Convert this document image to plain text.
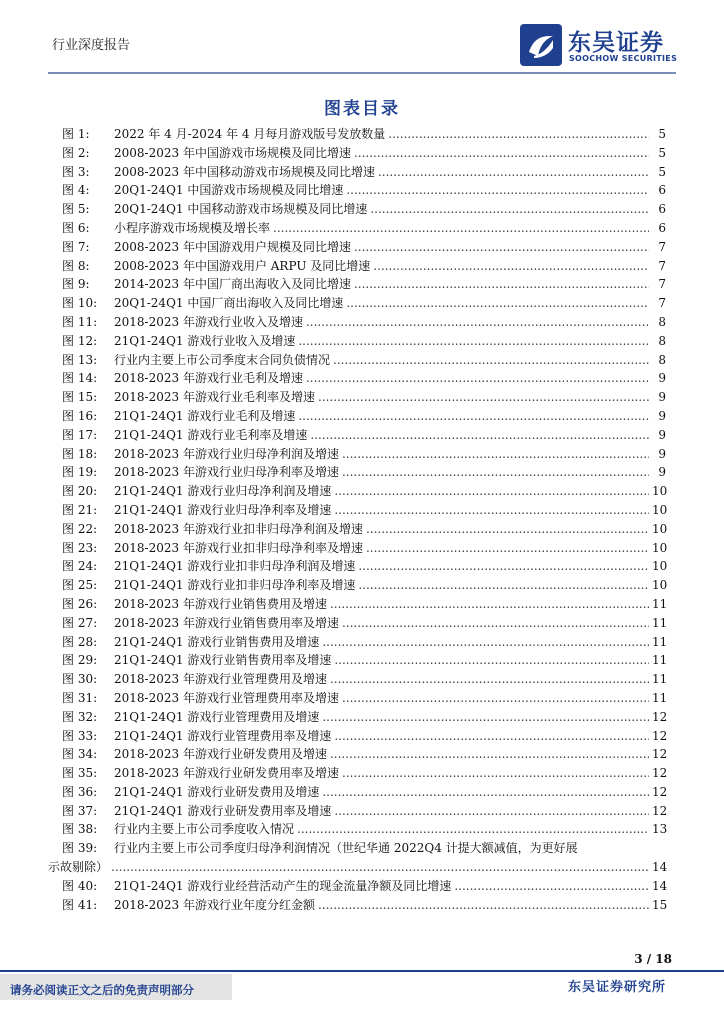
行业深度报告	东吴证券
SOOCHOW SECURITIES
图表目录
图 1:	2022 年 4 月-2024 年 4 月每月游戏版号发放数量 .....	5
图 2:	2008-2023 年中国游戏市场规模及同比增速 .....	5
图 3:	2008-2023 年中国移动游戏市场规模及同比增速 .....	5
图 4:	20Q1-24Q1 中国游戏市场规模及同比增速 .....	6
图 5:	20Q1-24Q1 中国移动游戏市场规模及同比增速 .....	6
图 6:	小程序游戏市场规模及增长率 .....	6
图 7:	2008-2023 年中国游戏用户规模及同比增速 .....	7
图 8:	2008-2023 年中国游戏用户 ARPU 及同比增速 .....	7
图 9:	2014-2023 年中国厂商出海收入及同比增速 .....	7
图 10:	20Q1-24Q1 中国厂商出海收入及同比增速 .....	7
图 11:	2018-2023 年游戏行业收入及增速 .....	8
图 12:	21Q1-24Q1 游戏行业收入及增速 .....	8
图 13:	行业内主要上市公司季度末合同负债情况 .....	8
图 14:	2018-2023 年游戏行业毛利及增速 .....	9
图 15:	2018-2023 年游戏行业毛利率及增速 .....	9
图 16:	21Q1-24Q1 游戏行业毛利及增速 .....	9
图 17:	21Q1-24Q1 游戏行业毛利率及增速 .....	9
图 18:	2018-2023 年游戏行业归母净利润及增速 .....	9
图 19:	2018-2023 年游戏行业归母净利率及增速 .....	9
图 20:	21Q1-24Q1 游戏行业归母净利润及增速 .....	10
图 21:	21Q1-24Q1 游戏行业归母净利率及增速 .....	10
图 22:	2018-2023 年游戏行业扣非归母净利润及增速 .....	10
图 23:	2018-2023 年游戏行业扣非归母净利率及增速 .....	10
图 24:	21Q1-24Q1 游戏行业扣非归母净利润及增速 .....	10
图 25:	21Q1-24Q1 游戏行业扣非归母净利率及增速 .....	10
图 26:	2018-2023 年游戏行业销售费用及增速 .....	11
图 27:	2018-2023 年游戏行业销售费用率及增速 .....	11
图 28:	21Q1-24Q1 游戏行业销售费用及增速 .....	11
图 29:	21Q1-24Q1 游戏行业销售费用率及增速 .....	11
图 30:	2018-2023 年游戏行业管理费用及增速 .....	11
图 31:	2018-2023 年游戏行业管理费用率及增速 .....	11
图 32:	21Q1-24Q1 游戏行业管理费用及增速 .....	12
图 33:	21Q1-24Q1 游戏行业管理费用率及增速 .....	12
图 34:	2018-2023 年游戏行业研发费用及增速 .....	12
图 35:	2018-2023 年游戏行业研发费用率及增速 .....	12
图 36:	21Q1-24Q1 游戏行业研发费用及增速 .....	12
图 37:	21Q1-24Q1 游戏行业研发费用率及增速 .....	12
图 38:	行业内主要上市公司季度收入情况 .....	13
图 39:	行业内主要上市公司季度归母净利润情况（世纪华通 2022Q4 计提大额减值，为更好展
示故剔除） .....	14
图 40:	21Q1-24Q1 游戏行业经营活动产生的现金流量净额及同比增速 .....	14
图 41:	2018-2023 年游戏行业年度分红金额 .....	15
3 / 18
请务必阅读正文之后的免责声明部分	东吴证券研究所
